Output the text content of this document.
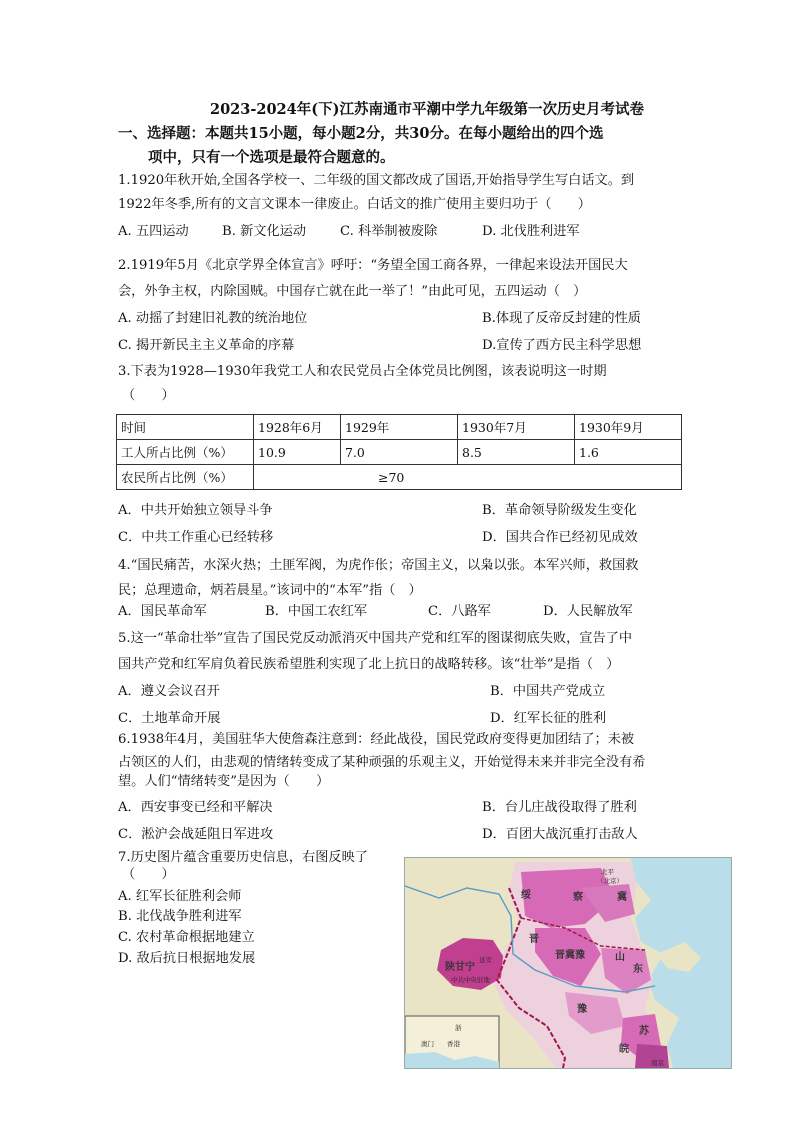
2023-2024年(下)江苏南通市平潮中学九年级第一次历史月考试卷
一、选择题：本题共15小题，每小题2分，共30分。在每小题给出的四个选
项中，只有一个选项是最符合题意的。
1.1920年秋开始,全国各学校一、二年级的国文都改成了国语,开始指导学生写白话文。到
1922年冬季,所有的文言文课本一律废止。白话文的推广使用主要归功于（　　）
A. 五四运动	B. 新文化运动	C. 科举制被废除	D. 北伐胜利进军
2.1919年5月《北京学界全体宣言》呼吁：“务望全国工商各界，一律起来设法开国民大
会，外争主权，内除国贼。中国存亡就在此一举了！”由此可见，五四运动（　）
A. 动摇了封建旧礼教的统治地位	B.体现了反帝反封建的性质
C. 揭开新民主主义革命的序幕	D.宣传了西方民主科学思想
3.下表为1928—1930年我党工人和农民党员占全体党员比例图，该表说明这一时期
（　　）
时间	1928年6月	1929年	1930年7月	1930年9月
工人所占比例（%）	10.9	7.0	8.5	1.6
农民所占比例（%）	≥70			
A．中共开始独立领导斗争	B．革命领导阶级发生变化
C．中共工作重心已经转移	D．国共合作已经初见成效
4.“国民痛苦，水深火热；土匪军阀，为虎作伥；帝国主义，以枭以张。本军兴师，救国救
民；总理遗命，炳若晨星。”该词中的“本军”指（　）
A．国民革命军	B．中国工农红军	C．八路军	D．人民解放军
5.这一“革命壮举”宣告了国民党反动派消灭中国共产党和红军的图谋彻底失败，宣告了中
国共产党和红军肩负着民族希望胜利实现了北上抗日的战略转移。该“壮举”是指（　）
A．遵义会议召开	B．中国共产党成立
C．土地革命开展	D．红军长征的胜利
6.1938年4月，美国驻华大使詹森注意到：经此战役，国民党政府变得更加团结了；未被
占领区的人们，由悲观的情绪转变成了某种顽强的乐观主义，开始觉得未来并非完全没有希
望。人们“情绪转变”是因为（　　）
A．西安事变已经和平解决	B．台儿庄战役取得了胜利
C．淞沪会战延阻日军进攻	D．百团大战沉重打击敌人
7.历史图片蕴含重要历史信息，右图反映了
（　　）
A. 红军长征胜利会师
B. 北伐战争胜利进军
C. 农村革命根据地建立
D. 敌后抗日根据地发展
北平
（北京）
绥	察	冀
陕甘宁
延安
中共中央驻地
晋
晋冀豫	山
东
豫
苏
皖
南京
澳门 香港
浙
